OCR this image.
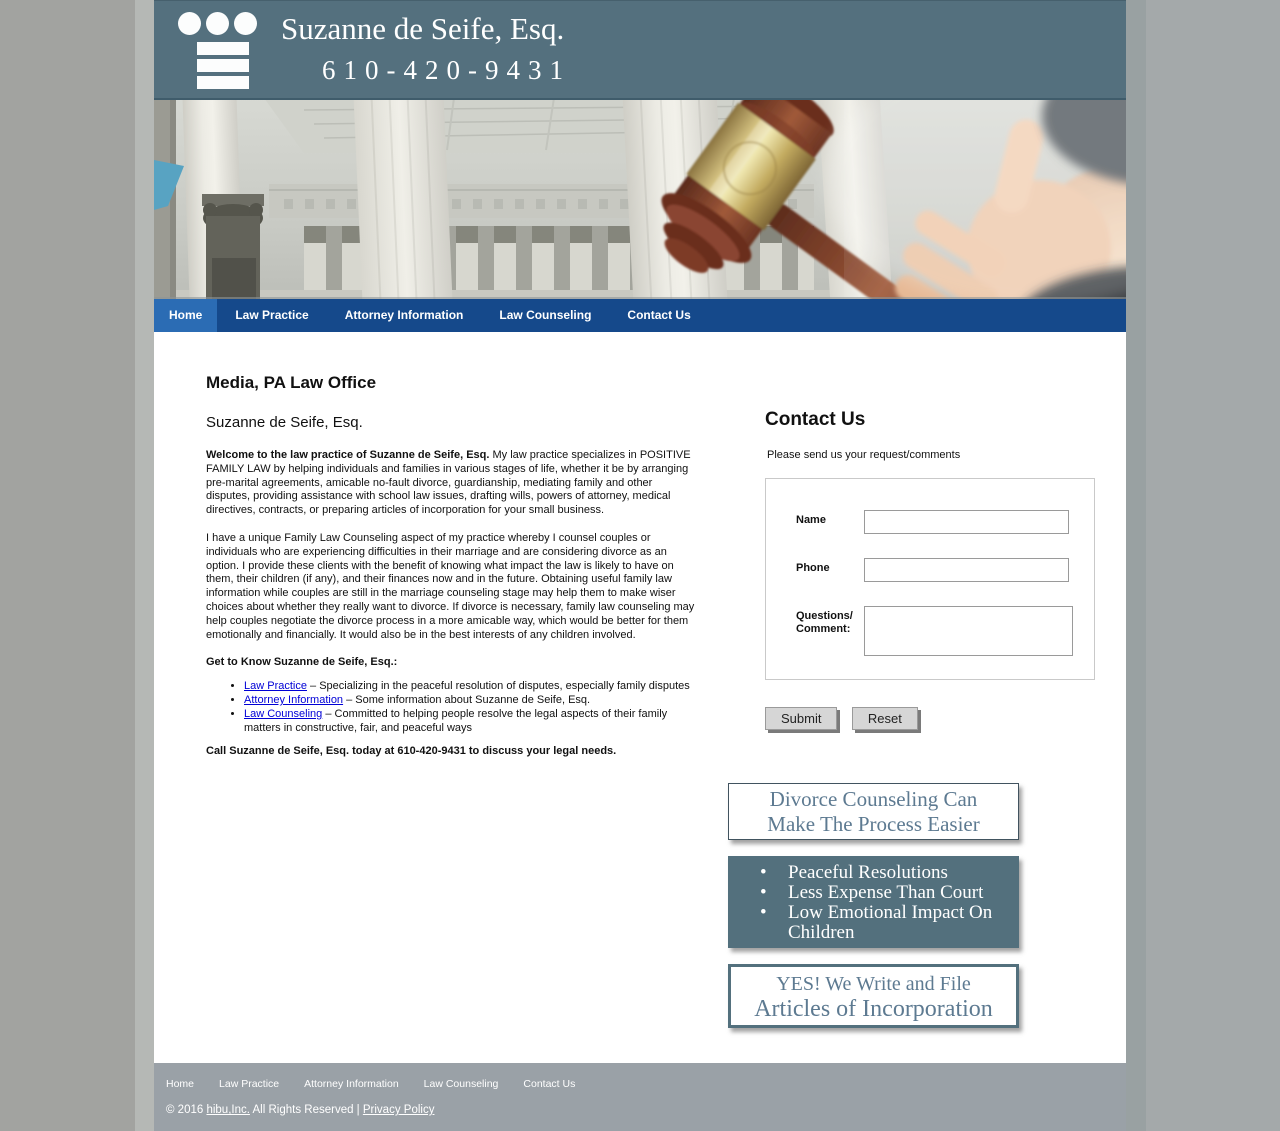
Suzanne de Seife, Esq.
610-420-9431
Home	Law Practice	Attorney Information	Law Counseling	Contact Us
Media, PA Law Office
Suzanne de Seife, Esq.

Welcome to the law practice of Suzanne de Seife, Esq. My law practice specializes in POSITIVE FAMILY LAW by helping individuals and families in various stages of life, whether it be by arranging pre-marital agreements, amicable no-fault divorce, guardianship, mediating family and other disputes, providing assistance with school law issues, drafting wills, powers of attorney, medical directives, contracts, or preparing articles of incorporation for your small business.

I have a unique Family Law Counseling aspect of my practice whereby I counsel couples or individuals who are experiencing difficulties in their marriage and are considering divorce as an option. I provide these clients with the benefit of knowing what impact the law is likely to have on them, their children (if any), and their finances now and in the future. Obtaining useful family law information while couples are still in the marriage counseling stage may help them to make wiser choices about whether they really want to divorce. If divorce is necessary, family law counseling may help couples negotiate the divorce process in a more amicable way, which would be better for them emotionally and financially. It would also be in the best interests of any children involved.

Get to Know Suzanne de Seife, Esq.:
• Law Practice – Specializing in the peaceful resolution of disputes, especially family disputes
• Attorney Information – Some information about Suzanne de Seife, Esq.
• Law Counseling – Committed to helping people resolve the legal aspects of their family matters in constructive, fair, and peaceful ways

Call Suzanne de Seife, Esq. today at 610-420-9431 to discuss your legal needs.

Contact Us
Please send us your request/comments
Name
Phone
Questions/
Comment:
Submit	Reset
Divorce Counseling Can
Make The Process Easier
• Peaceful Resolutions
• Less Expense Than Court
• Low Emotional Impact On Children
YES! We Write and File
Articles of Incorporation
Home Law Practice Attorney Information Law Counseling Contact Us
© 2016 hibu,Inc. All Rights Reserved | Privacy Policy
